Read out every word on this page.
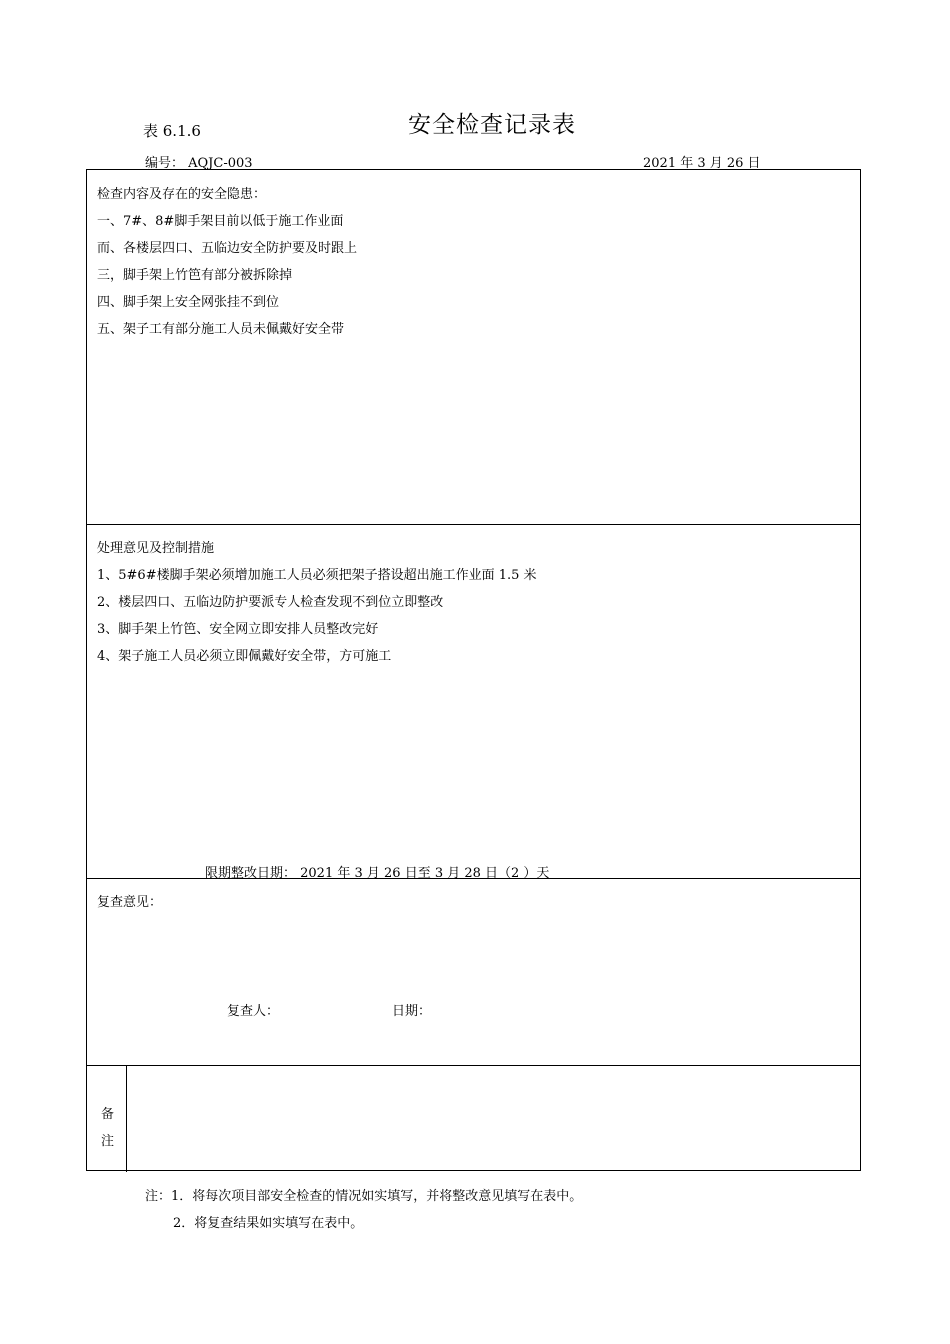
表 6.1.6	安全检查记录表
编号： AQJC-003	2021 年 3 月 26 日
检查内容及存在的安全隐患：
一、7#、8#脚手架目前以低于施工作业面
而、各楼层四口、五临边安全防护要及时跟上
三，脚手架上竹笆有部分被拆除掉
四、脚手架上安全网张挂不到位
五、架子工有部分施工人员未佩戴好安全带
处理意见及控制措施
1、5#6#楼脚手架必须增加施工人员必须把架子搭设超出施工作业面 1.5 米
2、楼层四口、五临边防护要派专人检查发现不到位立即整改
3、脚手架上竹笆、安全网立即安排人员整改完好
4、架子施工人员必须立即佩戴好安全带，方可施工
限期整改日期： 2021 年 3 月 26 日至 3 月 28 日（2 ）天
复查意见：
复查人：	日期：
备
注
注：1．将每次项目部安全检查的情况如实填写，并将整改意见填写在表中。
2．将复查结果如实填写在表中。
